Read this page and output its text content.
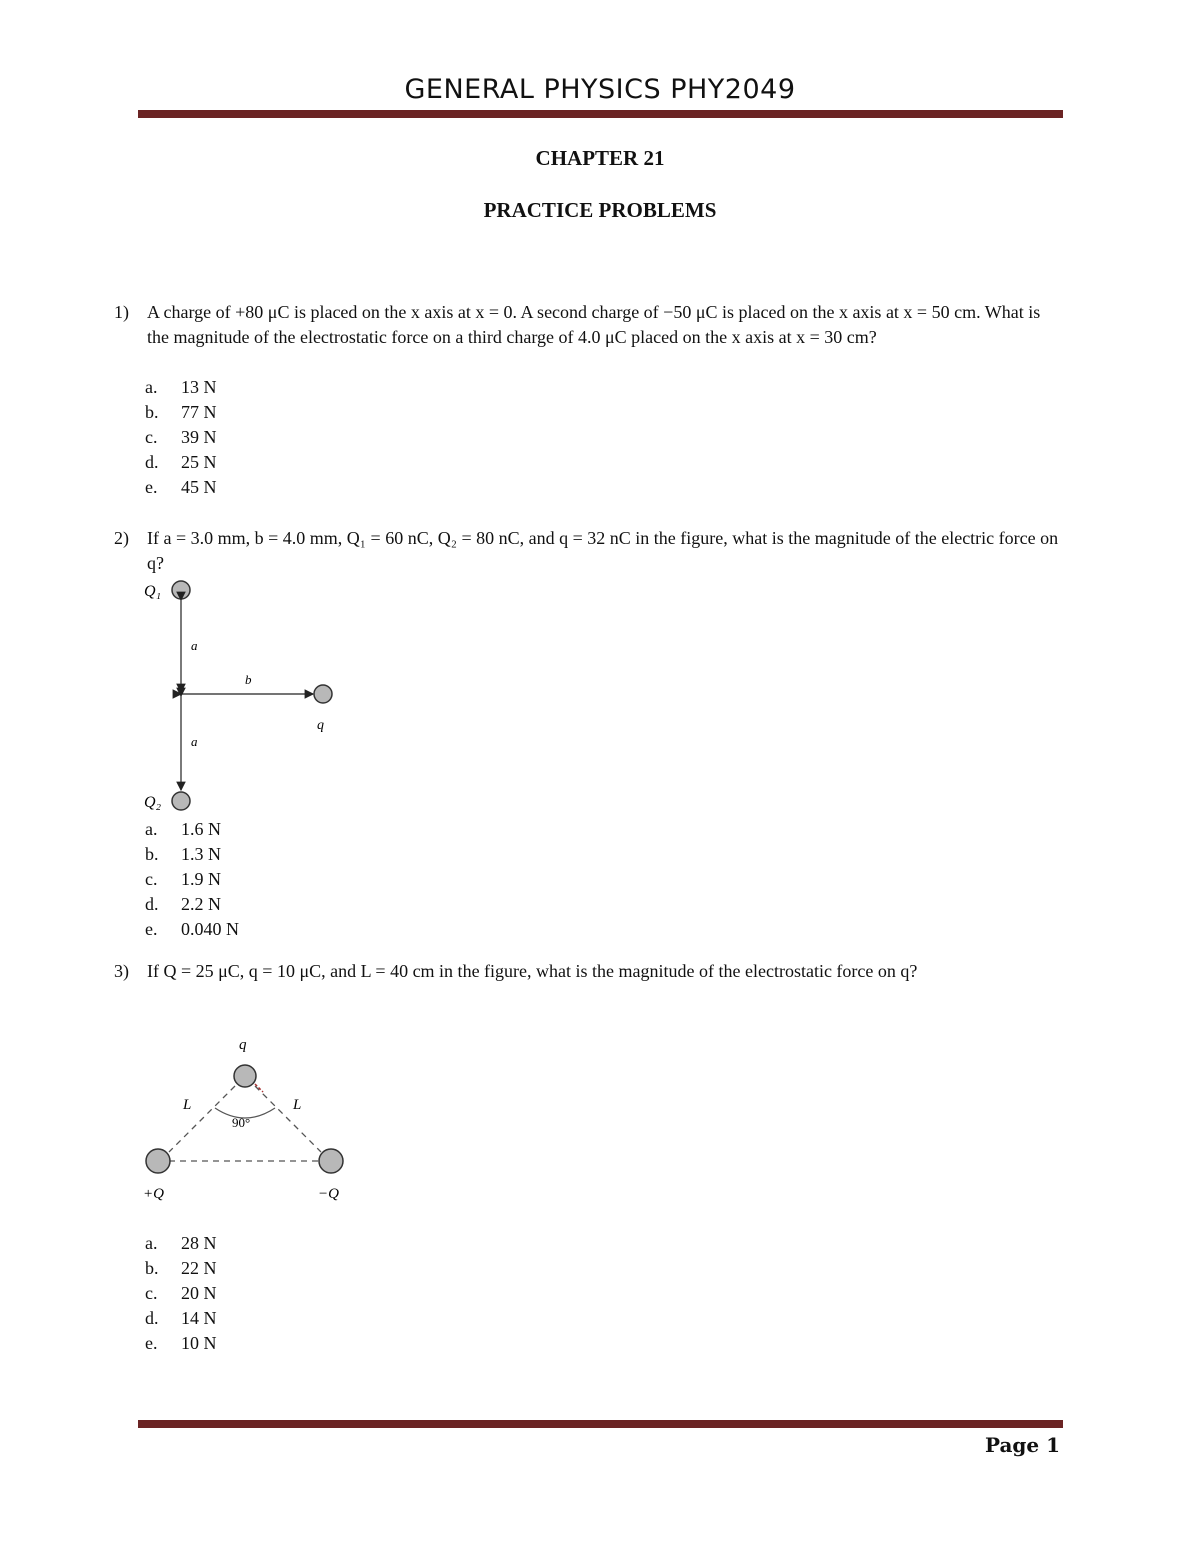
GENERAL PHYSICS PHY2049
CHAPTER 21
PRACTICE PROBLEMS
1) A charge of +80 μC is placed on the x axis at x = 0. A second charge of −50 μC is placed on the x axis at x = 50 cm. What is the magnitude of the electrostatic force on a third charge of 4.0 μC placed on the x axis at x = 30 cm?
a.	13 N
b.	77 N
c.	39 N
d.	25 N
e.	45 N
2) If a = 3.0 mm, b = 4.0 mm, Q₁ = 60 nC, Q₂ = 80 nC, and q = 32 nC in the figure, what is the magnitude of the electric force on q?
Q₁
a
b
q
a
Q₂
a.	1.6 N
b.	1.3 N
c.	1.9 N
d.	2.2 N
e.	0.040 N
3) If Q = 25 μC, q = 10 μC, and L = 40 cm in the figure, what is the magnitude of the electrostatic force on q?
q
90°
L	L
+Q	−Q
a.	28 N
b.	22 N
c.	20 N
d.	14 N
e.	10 N
Page 1
